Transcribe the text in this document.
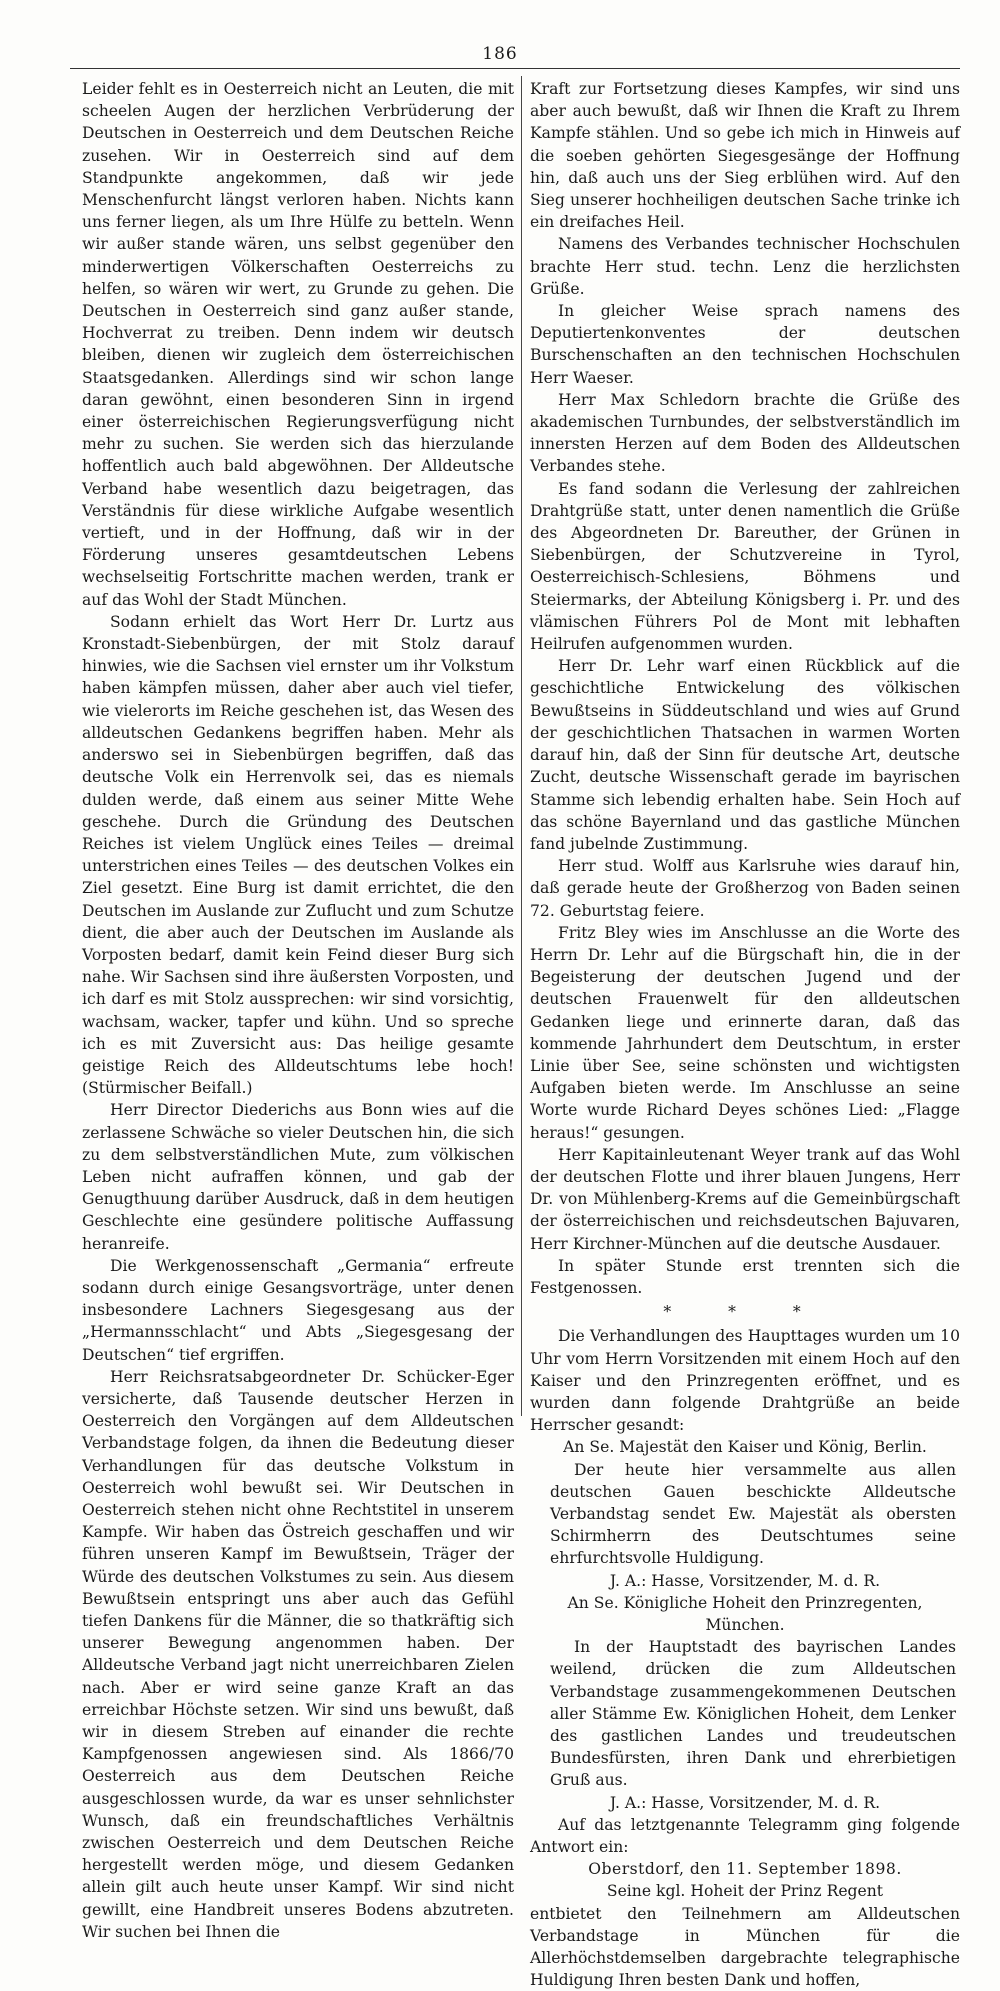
186

Leider fehlt es in Oesterreich nicht an Leuten, die mit scheelen Augen der herzlichen Verbrüderung der Deutschen in Oesterreich und dem Deutschen Reiche zusehen. Wir in Oesterreich sind auf dem Standpunkte angekommen, daß wir jede Menschenfurcht längst verloren haben. Nichts kann uns ferner liegen, als um Ihre Hülfe zu betteln. Wenn wir außer stande wären, uns selbst gegenüber den minderwertigen Völkerschaften Oesterreichs zu helfen, so wären wir wert, zu Grunde zu gehen. Die Deutschen in Oesterreich sind ganz außer stande, Hochverrat zu treiben. Denn indem wir deutsch bleiben, dienen wir zugleich dem österreichischen Staatsgedanken. Allerdings sind wir schon lange daran gewöhnt, einen besonderen Sinn in irgend einer österreichischen Regierungsverfügung nicht mehr zu suchen. Sie werden sich das hierzulande hoffentlich auch bald abgewöhnen. Der Alldeutsche Verband habe wesentlich dazu beigetragen, das Verständnis für diese wirkliche Aufgabe wesentlich vertieft, und in der Hoffnung, daß wir in der Förderung unseres gesamtdeutschen Lebens wechselseitig Fortschritte machen werden, trank er auf das Wohl der Stadt München.

Sodann erhielt das Wort Herr Dr. Lurtz aus Kronstadt-Siebenbürgen, der mit Stolz darauf hinwies, wie die Sachsen viel ernster um ihr Volkstum haben kämpfen müssen, daher aber auch viel tiefer, wie vielerorts im Reiche geschehen ist, das Wesen des alldeutschen Gedankens begriffen haben. Mehr als anderswo sei in Siebenbürgen begriffen, daß das deutsche Volk ein Herrenvolk sei, das es niemals dulden werde, daß einem aus seiner Mitte Wehe geschehe. Durch die Gründung des Deutschen Reiches ist vielem Unglück eines Teiles — dreimal unterstrichen eines Teiles — des deutschen Volkes ein Ziel gesetzt. Eine Burg ist damit errichtet, die den Deutschen im Auslande zur Zuflucht und zum Schutze dient, die aber auch der Deutschen im Auslande als Vorposten bedarf, damit kein Feind dieser Burg sich nahe. Wir Sachsen sind ihre äußersten Vorposten, und ich darf es mit Stolz aussprechen: wir sind vorsichtig, wachsam, wacker, tapfer und kühn. Und so spreche ich es mit Zuversicht aus: Das heilige gesamte geistige Reich des Alldeutschtums lebe hoch! (Stürmischer Beifall.)

Herr Director Diederichs aus Bonn wies auf die zerlassene Schwäche so vieler Deutschen hin, die sich zu dem selbstverständlichen Mute, zum völkischen Leben nicht aufraffen können, und gab der Genugthuung darüber Ausdruck, daß in dem heutigen Geschlechte eine gesündere politische Auffassung heranreife.

Die Werkgenossenschaft „Germania“ erfreute sodann durch einige Gesangsvorträge, unter denen insbesondere Lachners Siegesgesang aus der „Hermannsschlacht“ und Abts „Siegesgesang der Deutschen“ tief ergriffen.

Herr Reichsratsabgeordneter Dr. Schücker-Eger versicherte, daß Tausende deutscher Herzen in Oesterreich den Vorgängen auf dem Alldeutschen Verbandstage folgen, da ihnen die Bedeutung dieser Verhandlungen für das deutsche Volkstum in Oesterreich wohl bewußt sei. Wir Deutschen in Oesterreich stehen nicht ohne Rechtstitel in unserem Kampfe. Wir haben das Östreich geschaffen und wir führen unseren Kampf im Bewußtsein, Träger der Würde des deutschen Volkstumes zu sein. Aus diesem Bewußtsein entspringt uns aber auch das Gefühl tiefen Dankens für die Männer, die so thatkräftig sich unserer Bewegung angenommen haben. Der Alldeutsche Verband jagt nicht unerreichbaren Zielen nach. Aber er wird seine ganze Kraft an das erreichbar Höchste setzen. Wir sind uns bewußt, daß wir in diesem Streben auf einander die rechte Kampfgenossen angewiesen sind. Als 1866/70 Oesterreich aus dem Deutschen Reiche ausgeschlossen wurde, da war es unser sehnlichster Wunsch, daß ein freundschaftliches Verhältnis zwischen Oesterreich und dem Deutschen Reiche hergestellt werden möge, und diesem Gedanken allein gilt auch heute unser Kampf. Wir sind nicht gewillt, eine Handbreit unseres Bodens abzutreten. Wir suchen bei Ihnen die

Kraft zur Fortsetzung dieses Kampfes, wir sind uns aber auch bewußt, daß wir Ihnen die Kraft zu Ihrem Kampfe stählen. Und so gebe ich mich in Hinweis auf die soeben gehörten Siegesgesänge der Hoffnung hin, daß auch uns der Sieg erblühen wird. Auf den Sieg unserer hochheiligen deutschen Sache trinke ich ein dreifaches Heil.

Namens des Verbandes technischer Hochschulen brachte Herr stud. techn. Lenz die herzlichsten Grüße.

In gleicher Weise sprach namens des Deputiertenkonventes der deutschen Burschenschaften an den technischen Hochschulen Herr Waeser.

Herr Max Schledorn brachte die Grüße des akademischen Turnbundes, der selbstverständlich im innersten Herzen auf dem Boden des Alldeutschen Verbandes stehe.

Es fand sodann die Verlesung der zahlreichen Drahtgrüße statt, unter denen namentlich die Grüße des Abgeordneten Dr. Bareuther, der Grünen in Siebenbürgen, der Schutzvereine in Tyrol, Oesterreichisch-Schlesiens, Böhmens und Steiermarks, der Abteilung Königsberg i. Pr. und des vlämischen Führers Pol de Mont mit lebhaften Heilrufen aufgenommen wurden.

Herr Dr. Lehr warf einen Rückblick auf die geschichtliche Entwickelung des völkischen Bewußtseins in Süddeutschland und wies auf Grund der geschichtlichen Thatsachen in warmen Worten darauf hin, daß der Sinn für deutsche Art, deutsche Zucht, deutsche Wissenschaft gerade im bayrischen Stamme sich lebendig erhalten habe. Sein Hoch auf das schöne Bayernland und das gastliche München fand jubelnde Zustimmung.

Herr stud. Wolff aus Karlsruhe wies darauf hin, daß gerade heute der Großherzog von Baden seinen 72. Geburtstag feiere.

Fritz Bley wies im Anschlusse an die Worte des Herrn Dr. Lehr auf die Bürgschaft hin, die in der Begeisterung der deutschen Jugend und der deutschen Frauenwelt für den alldeutschen Gedanken liege und erinnerte daran, daß das kommende Jahrhundert dem Deutschtum, in erster Linie über See, seine schönsten und wichtigsten Aufgaben bieten werde. Im Anschlusse an seine Worte wurde Richard Deyes schönes Lied: „Flagge heraus!“ gesungen.

Herr Kapitainleutenant Weyer trank auf das Wohl der deutschen Flotte und ihrer blauen Jungens, Herr Dr. von Mühlenberg-Krems auf die Gemeinbürgschaft der österreichischen und reichsdeutschen Bajuvaren, Herr Kirchner-München auf die deutsche Ausdauer.

In später Stunde erst trennten sich die Festgenossen.

* * *

Die Verhandlungen des Haupttages wurden um 10 Uhr vom Herrn Vorsitzenden mit einem Hoch auf den Kaiser und den Prinzregenten eröffnet, und es wurden dann folgende Drahtgrüße an beide Herrscher gesandt:

An Se. Majestät den Kaiser und König, Berlin.

Der heute hier versammelte aus allen deutschen Gauen beschickte Alldeutsche Verbandstag sendet Ew. Majestät als obersten Schirmherrn des Deutschtumes seine ehrfurchtsvolle Huldigung.

J. A.: Hasse, Vorsitzender, M. d. R.

An Se. Königliche Hoheit den Prinzregenten, München.

In der Hauptstadt des bayrischen Landes weilend, drücken die zum Alldeutschen Verbandstage zusammengekommenen Deutschen aller Stämme Ew. Königlichen Hoheit, dem Lenker des gastlichen Landes und treudeutschen Bundesfürsten, ihren Dank und ehrerbietigen Gruß aus.

J. A.: Hasse, Vorsitzender, M. d. R.

Auf das letztgenannte Telegramm ging folgende Antwort ein:

Oberstdorf, den 11. September 1898.

Seine kgl. Hoheit der Prinz Regent

entbietet den Teilnehmern am Alldeutschen Verbandstage in München für die Allerhöchstdemselben dargebrachte telegraphische Huldigung Ihren besten Dank und hoffen,
